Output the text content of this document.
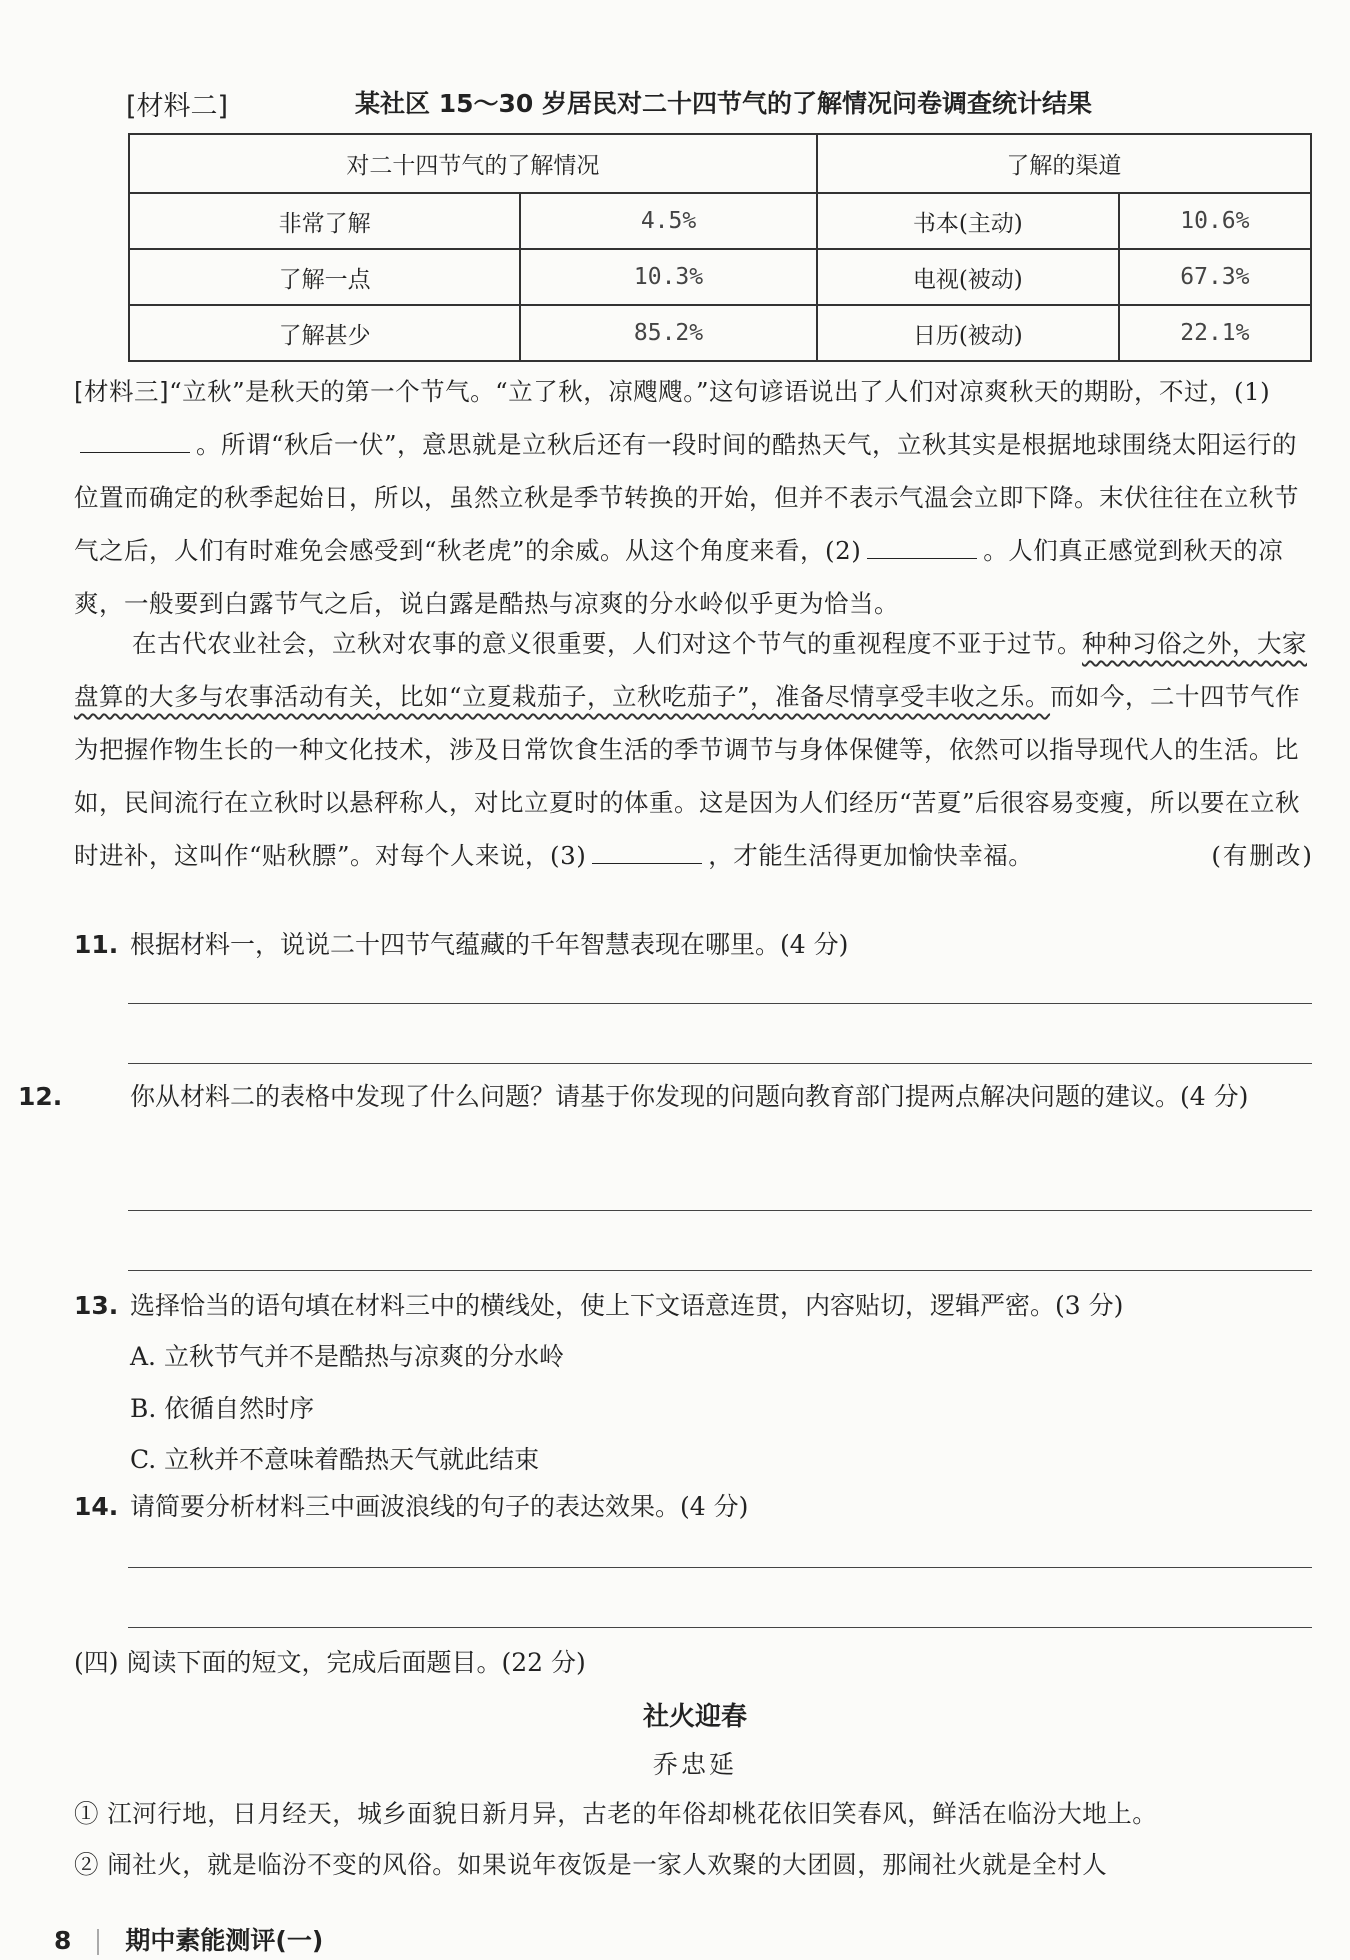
[材料二]	某社区 15～30 岁居民对二十四节气的了解情况问卷调查统计结果
对二十四节气的了解情况		了解的渠道	
非常了解	4.5%	书本(主动)	10.6%
了解一点	10.3%	电视(被动)	67.3%
了解甚少	85.2%	日历(被动)	22.1%
[材料三]“立秋”是秋天的第一个节气。“立了秋，凉飕飕。”这句谚语说出了人们对凉爽秋天的期盼，不过，(1)。所谓“秋后一伏”，意思就是立秋后还有一段时间的酷热天气，立秋其实是根据地球围绕太阳运行的位置而确定的秋季起始日，所以，虽然立秋是季节转换的开始，但并不表示气温会立即下降。末伏往往在立秋节气之后，人们有时难免会感受到“秋老虎”的余威。从这个角度来看，(2)	。人们真正感觉到秋天的凉爽，一般要到白露节气之后，说白露是酷热与凉爽的分水岭似乎更为恰当。
在古代农业社会，立秋对农事的意义很重要，人们对这个节气的重视程度不亚于过节。种种习俗之外，大家盘算的大多与农事活动有关，比如“立夏栽茄子，立秋吃茄子”，准备尽情享受丰收之乐。而如今，二十四节气作为把握作物生长的一种文化技术，涉及日常饮食生活的季节调节与身体保健等，依然可以指导现代人的生活。比如，民间流行在立秋时以悬秤称人，对比立夏时的体重。这是因为人们经历“苦夏”后很容易变瘦，所以要在立秋时进补，这叫作“贴秋膘”。对每个人来说，(3)	，才能生活得更加愉快幸福。	(有删改)
11. 根据材料一，说说二十四节气蕴藏的千年智慧表现在哪里。(4 分)
12.	你从材料二的表格中发现了什么问题？请基于你发现的问题向教育部门提两点解决问题的建议。(4 分)
13. 选择恰当的语句填在材料三中的横线处，使上下文语意连贯，内容贴切，逻辑严密。(3 分)
A. 立秋节气并不是酷热与凉爽的分水岭
B. 依循自然时序
C. 立秋并不意味着酷热天气就此结束
14. 请简要分析材料三中画波浪线的句子的表达效果。(4 分)
(四) 阅读下面的短文，完成后面题目。(22 分)
社火迎春
乔忠延
① 江河行地，日月经天，城乡面貌日新月异，古老的年俗却桃花依旧笑春风，鲜活在临汾大地上。
② 闹社火，就是临汾不变的风俗。如果说年夜饭是一家人欢聚的大团圆，那闹社火就是全村人
8 期中素能测评(一)
